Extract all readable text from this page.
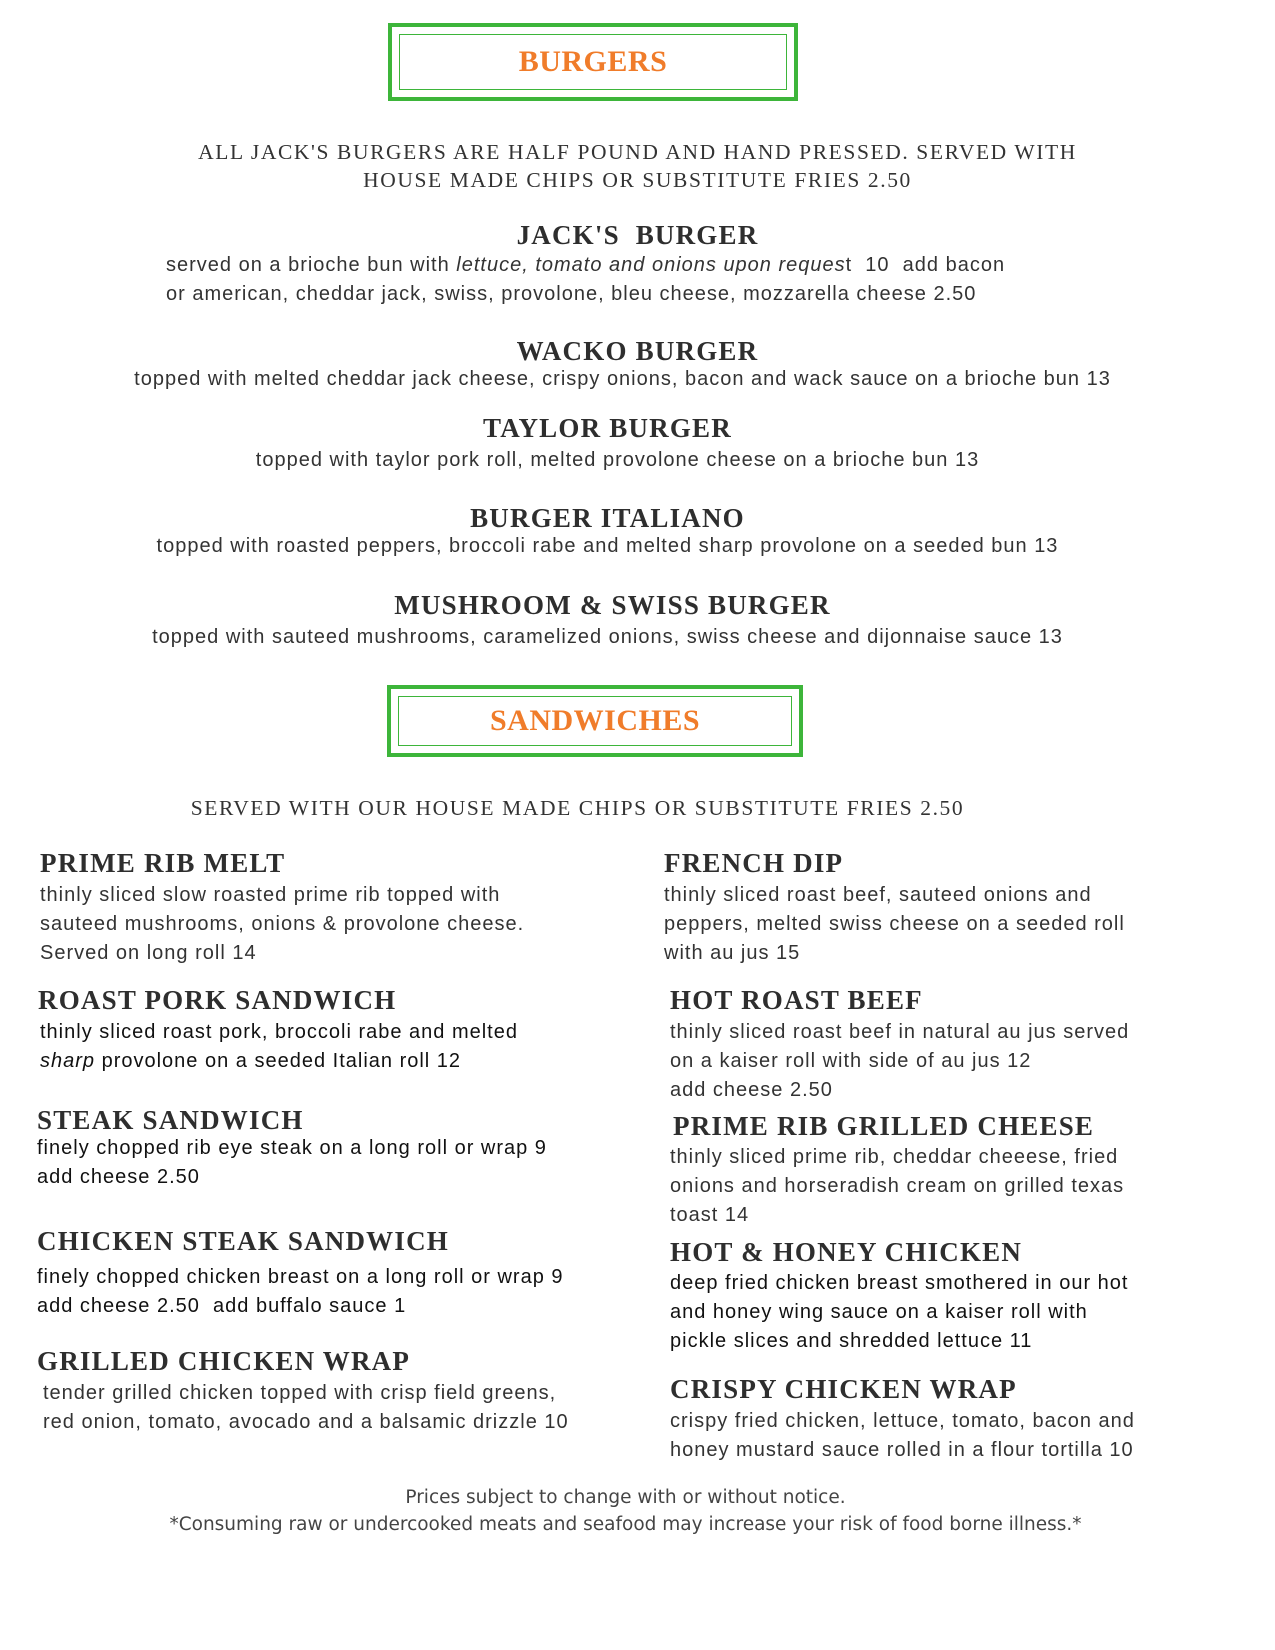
BURGERS
ALL JACK'S BURGERS ARE HALF POUND AND HAND PRESSED. SERVED WITH
HOUSE MADE CHIPS OR SUBSTITUTE FRIES 2.50
JACK'S  BURGER
served on a brioche bun with lettuce, tomato and onions upon request  10  add bacon
or american, cheddar jack, swiss, provolone, bleu cheese, mozzarella cheese 2.50
WACKO BURGER
topped with melted cheddar jack cheese, crispy onions, bacon and wack sauce on a brioche bun 13
TAYLOR BURGER
topped with taylor pork roll, melted provolone cheese on a brioche bun 13
BURGER ITALIANO
topped with roasted peppers, broccoli rabe and melted sharp provolone on a seeded bun 13
MUSHROOM & SWISS BURGER
topped with sauteed mushrooms, caramelized onions, swiss cheese and dijonnaise sauce 13
SANDWICHES
SERVED WITH OUR HOUSE MADE CHIPS OR SUBSTITUTE FRIES 2.50
PRIME RIB MELT
thinly sliced slow roasted prime rib topped with
sauteed mushrooms, onions & provolone cheese.
Served on long roll 14
ROAST PORK SANDWICH
thinly sliced roast pork, broccoli rabe and melted
sharp provolone on a seeded Italian roll 12
STEAK SANDWICH
finely chopped rib eye steak on a long roll or wrap 9
add cheese 2.50
CHICKEN STEAK SANDWICH
finely chopped chicken breast on a long roll or wrap 9
add cheese 2.50  add buffalo sauce 1
GRILLED CHICKEN WRAP
tender grilled chicken topped with crisp field greens,
red onion, tomato, avocado and a balsamic drizzle 10
FRENCH DIP
thinly sliced roast beef, sauteed onions and
peppers, melted swiss cheese on a seeded roll
with au jus 15
HOT ROAST BEEF
thinly sliced roast beef in natural au jus served
on a kaiser roll with side of au jus 12
add cheese 2.50
PRIME RIB GRILLED CHEESE
thinly sliced prime rib, cheddar cheeese, fried
onions and horseradish cream on grilled texas
toast 14
HOT & HONEY CHICKEN
deep fried chicken breast smothered in our hot
and honey wing sauce on a kaiser roll with
pickle slices and shredded lettuce 11
CRISPY CHICKEN WRAP
crispy fried chicken, lettuce, tomato, bacon and
honey mustard sauce rolled in a flour tortilla 10
Prices subject to change with or without notice.
*Consuming raw or undercooked meats and seafood may increase your risk of food borne illness.*
